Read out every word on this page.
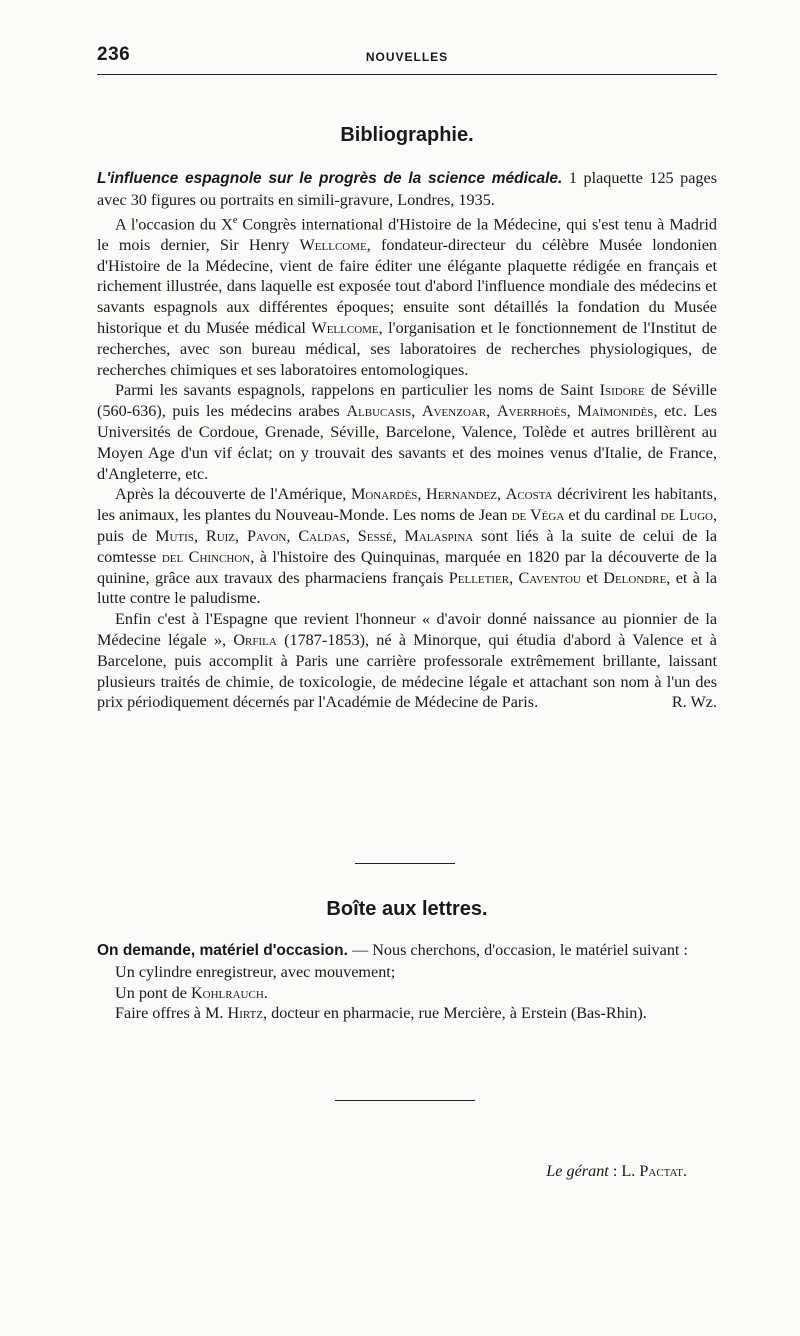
236	NOUVELLES
Bibliographie.

L'influence espagnole sur le progrès de la science médicale. 1 plaquette 125 pages avec 30 figures ou portraits en simili-gravure, Londres, 1935.

A l'occasion du Xe Congrès international d'Histoire de la Médecine, qui s'est tenu à Madrid le mois dernier, Sir Henry Wellcome, fondateur-directeur du célèbre Musée londonien d'Histoire de la Médecine, vient de faire éditer une élégante plaquette rédigée en français et richement illustrée, dans laquelle est exposée tout d'abord l'influence mondiale des médecins et savants espagnols aux différentes époques; ensuite sont détaillés la fondation du Musée historique et du Musée médical Wellcome, l'organisation et le fonctionnement de l'Institut de recherches, avec son bureau médical, ses laboratoires de recherches physiologiques, de recherches chimiques et ses laboratoires entomologiques.

Parmi les savants espagnols, rappelons en particulier les noms de Saint Isidore de Séville (560-636), puis les médecins arabes Albucasis, Avenzoar, Averrhoès, Maïmonidès, etc. Les Universités de Cordoue, Grenade, Séville, Barcelone, Valence, Tolède et autres brillèrent au Moyen Age d'un vif éclat; on y trouvait des savants et des moines venus d'Italie, de France, d'Angleterre, etc.

Après la découverte de l'Amérique, Monardès, Hernandez, Acosta décrivirent les habitants, les animaux, les plantes du Nouveau-Monde. Les noms de Jean de Véga et du cardinal de Lugo, puis de Mutis, Ruiz, Pavon, Caldas, Sessé, Malaspina sont liés à la suite de celui de la comtesse del Chinchon, à l'histoire des Quinquinas, marquée en 1820 par la découverte de la quinine, grâce aux travaux des pharmaciens français Pelletier, Caventou et Delondre, et à la lutte contre le paludisme.

Enfin c'est à l'Espagne que revient l'honneur « d'avoir donné naissance au pionnier de la Médecine légale », Orfila (1787-1853), né à Minorque, qui étudia d'abord à Valence et à Barcelone, puis accomplit à Paris une carrière professorale extrêmement brillante, laissant plusieurs traités de chimie, de toxicologie, de médecine légale et attachant son nom à l'un des prix périodiquement décernés par l'Académie de Médecine de Paris.	R. Wz.

Boîte aux lettres.

On demande, matériel d'occasion. — Nous cherchons, d'occasion, le matériel suivant :

Un cylindre enregistreur, avec mouvement;

Un pont de Kohlrauch.

Faire offres à M. Hirtz, docteur en pharmacie, rue Mercière, à Erstein (Bas-Rhin).

Le gérant : L. Pactat.
